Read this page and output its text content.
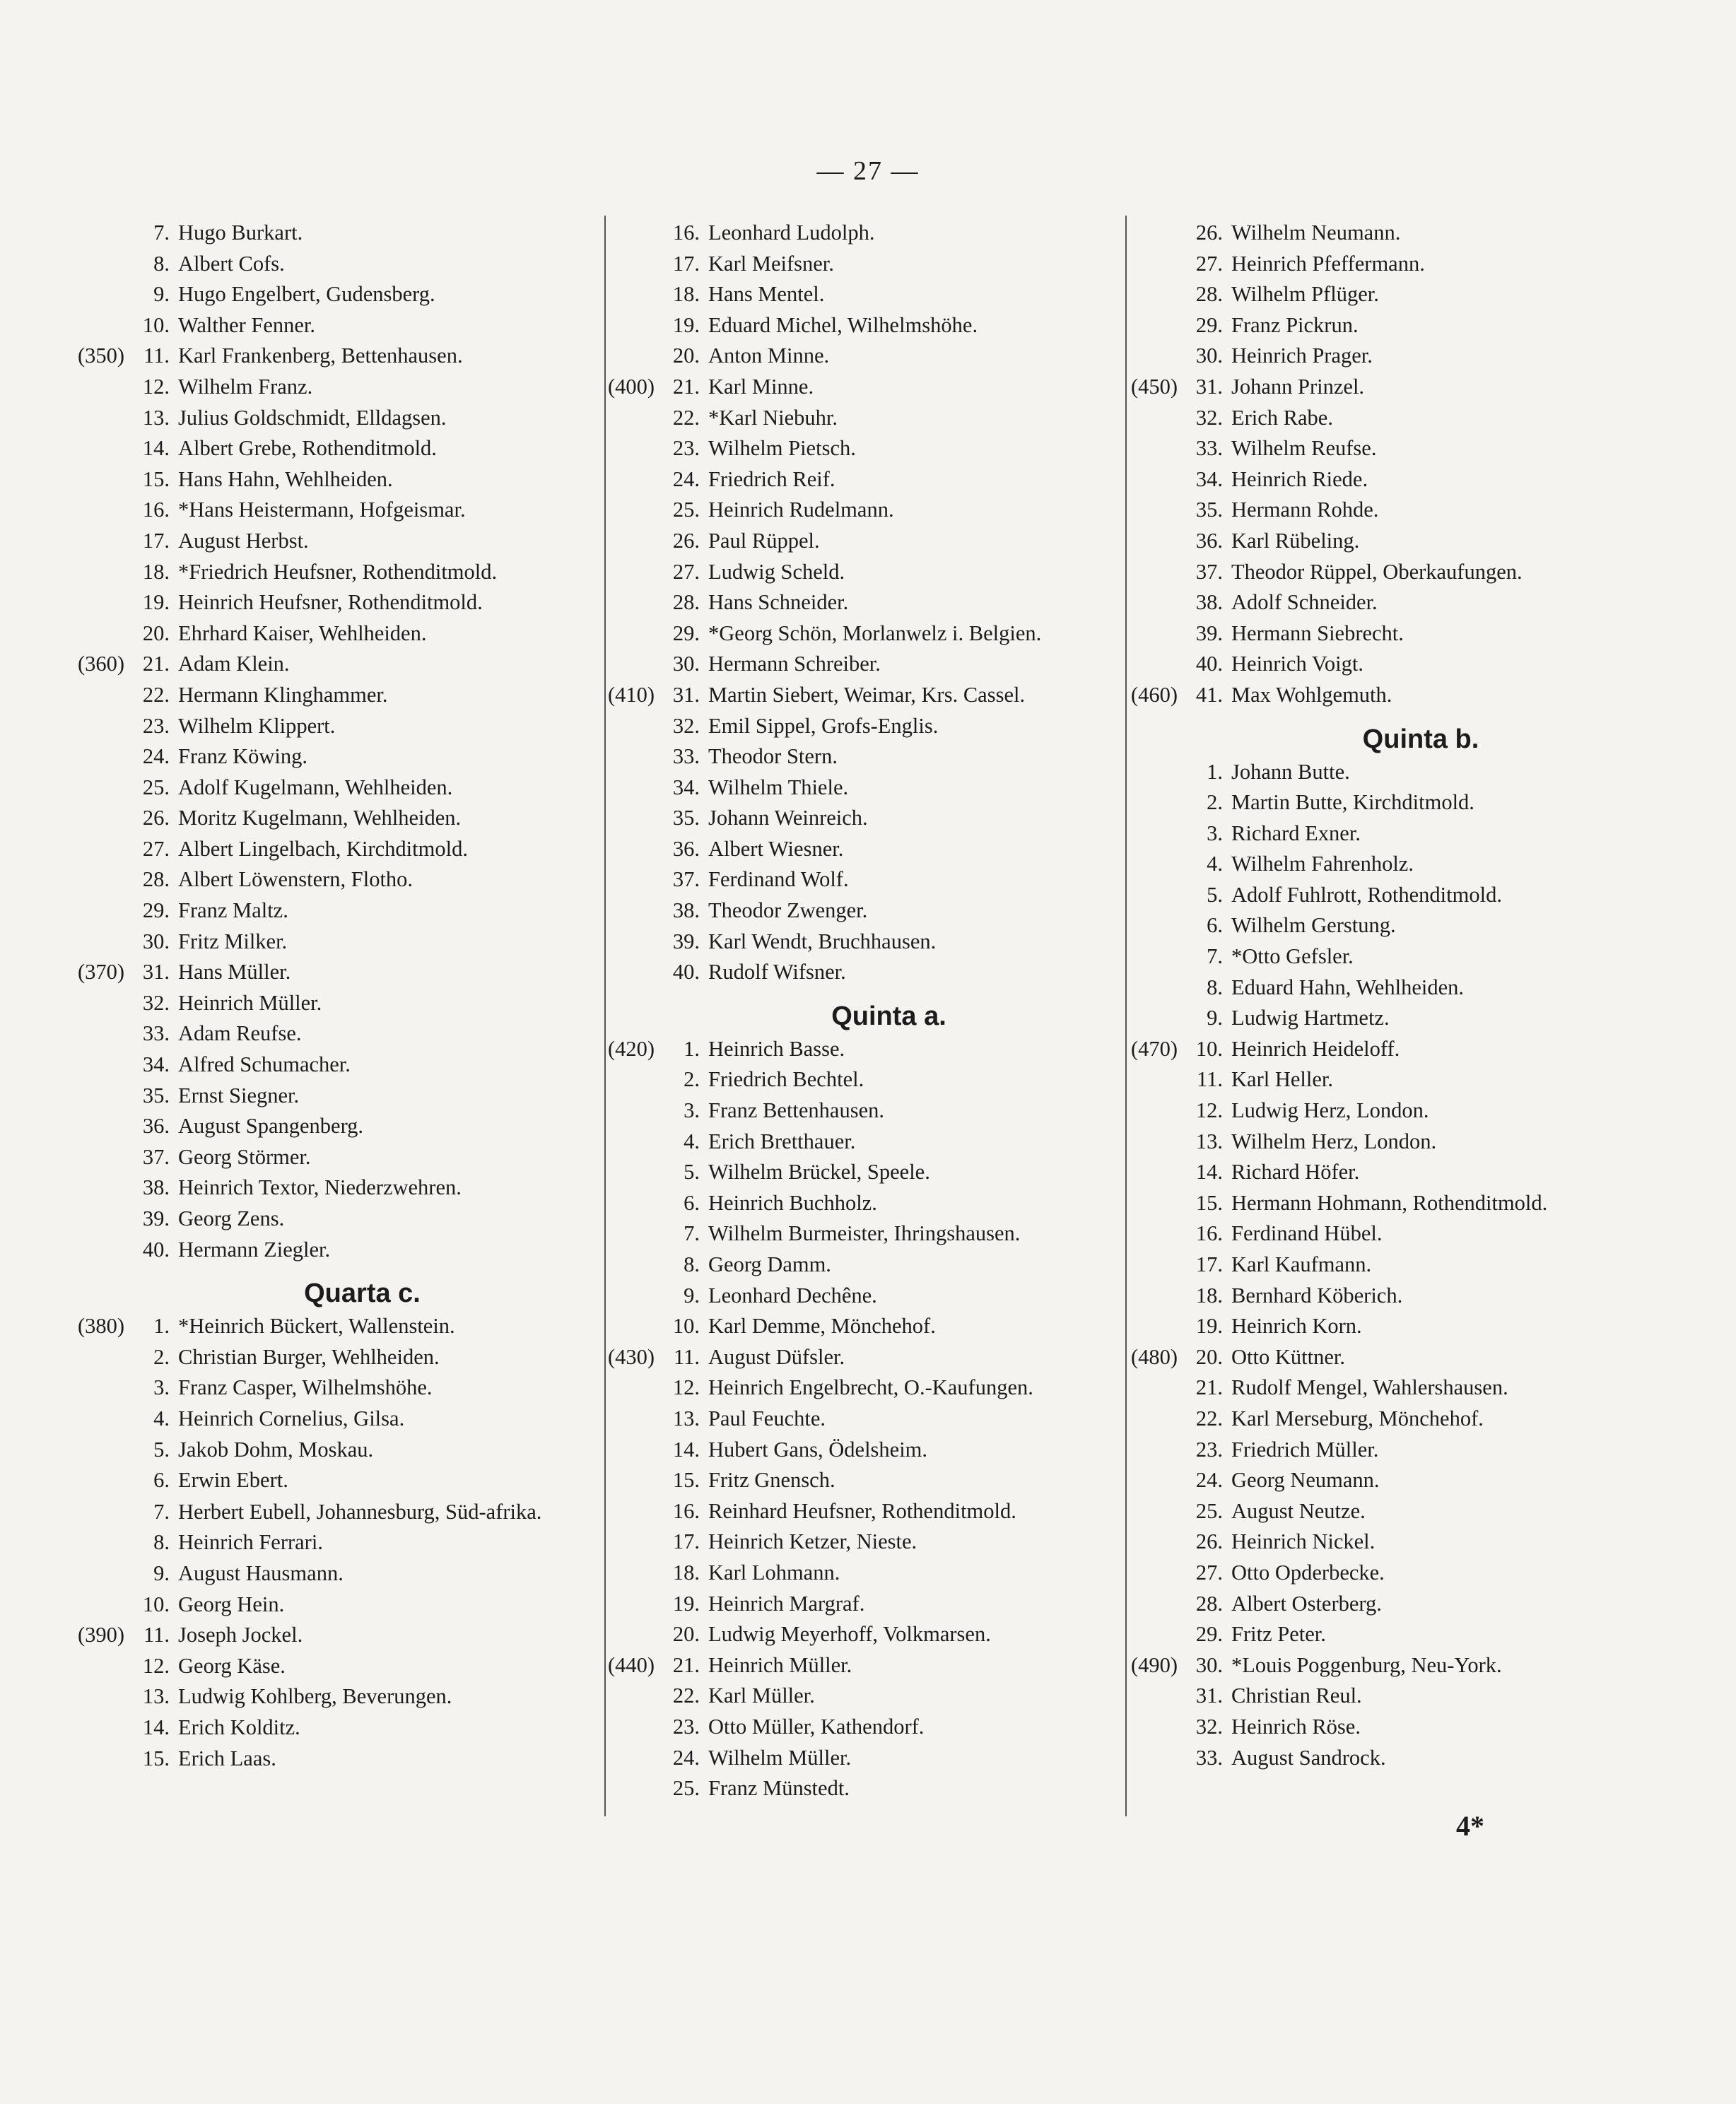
— 27 —
7. Hugo Burkart.
8. Albert Cofs.
9. Hugo Engelbert, Gudensberg.
10. Walther Fenner.
(350) 11. Karl Frankenberg, Bettenhausen.
12. Wilhelm Franz.
13. Julius Goldschmidt, Elldagsen.
14. Albert Grebe, Rothenditmold.
15. Hans Hahn, Wehlheiden.
16. *Hans Heistermann, Hofgeismar.
17. August Herbst.
18. *Friedrich Heufsner, Rothenditmold.
19. Heinrich Heufsner, Rothenditmold.
20. Ehrhard Kaiser, Wehlheiden.
(360) 21. Adam Klein.
22. Hermann Klinghammer.
23. Wilhelm Klippert.
24. Franz Köwing.
25. Adolf Kugelmann, Wehlheiden.
26. Moritz Kugelmann, Wehlheiden.
27. Albert Lingelbach, Kirchditmold.
28. Albert Löwenstern, Flotho.
29. Franz Maltz.
30. Fritz Milker.
(370) 31. Hans Müller.
32. Heinrich Müller.
33. Adam Reufse.
34. Alfred Schumacher.
35. Ernst Siegner.
36. August Spangenberg.
37. Georg Störmer.
38. Heinrich Textor, Niederzwehren.
39. Georg Zens.
40. Hermann Ziegler.
Quarta c.
(380)	1. *Heinrich Bückert, Wallenstein.
2. Christian Burger, Wehlheiden.
3. Franz Casper, Wilhelmshöhe.
4. Heinrich Cornelius, Gilsa.
5. Jakob Dohm, Moskau.
6. Erwin Ebert.
7. Herbert Eubell, Johannesburg, Süd-afrika.
8. Heinrich Ferrari.
9. August Hausmann.
10. Georg Hein.
(390) 11. Joseph Jockel.
12. Georg Käse.
13. Ludwig Kohlberg, Beverungen.
14. Erich Kolditz.
15. Erich Laas.
16. Leonhard Ludolph.
17. Karl Meifsner.
18. Hans Mentel.
19. Eduard Michel, Wilhelmshöhe.
20. Anton Minne.
(400) 21. Karl Minne.
22. *Karl Niebuhr.
23. Wilhelm Pietsch.
24. Friedrich Reif.
25. Heinrich Rudelmann.
26. Paul Rüppel.
27. Ludwig Scheld.
28. Hans Schneider.
29. *Georg Schön, Morlanwelz i. Belgien.
30. Hermann Schreiber.
(410) 31. Martin Siebert, Weimar, Krs. Cassel.
32. Emil Sippel, Grofs-Englis.
33. Theodor Stern.
34. Wilhelm Thiele.
35. Johann Weinreich.
36. Albert Wiesner.
37. Ferdinand Wolf.
38. Theodor Zwenger.
39. Karl Wendt, Bruchhausen.
40. Rudolf Wifsner.
Quinta a.
(420)	1. Heinrich Basse.
2. Friedrich Bechtel.
3. Franz Bettenhausen.
4. Erich Bretthauer.
5. Wilhelm Brückel, Speele.
6. Heinrich Buchholz.
7. Wilhelm Burmeister, Ihringshausen.
8. Georg Damm.
9. Leonhard Dechêne.
10. Karl Demme, Mönchehof.
(430) 11. August Düfsler.
12. Heinrich Engelbrecht, O.-Kaufungen.
13. Paul Feuchte.
14. Hubert Gans, Ödelsheim.
15. Fritz Gnensch.
16. Reinhard Heufsner, Rothenditmold.
17. Heinrich Ketzer, Nieste.
18. Karl Lohmann.
19. Heinrich Margraf.
20. Ludwig Meyerhoff, Volkmarsen.
(440) 21. Heinrich Müller.
22. Karl Müller.
23. Otto Müller, Kathendorf.
24. Wilhelm Müller.
25. Franz Münstedt.
26. Wilhelm Neumann.
27. Heinrich Pfeffermann.
28. Wilhelm Pflüger.
29. Franz Pickrun.
30. Heinrich Prager.
(450) 31. Johann Prinzel.
32. Erich Rabe.
33. Wilhelm Reufse.
34. Heinrich Riede.
35. Hermann Rohde.
36. Karl Rübeling.
37. Theodor Rüppel, Oberkaufungen.
38. Adolf Schneider.
39. Hermann Siebrecht.
40. Heinrich Voigt.
(460) 41. Max Wohlgemuth.
Quinta b.
1. Johann Butte.
2. Martin Butte, Kirchditmold.
3. Richard Exner.
4. Wilhelm Fahrenholz.
5. Adolf Fuhlrott, Rothenditmold.
6. Wilhelm Gerstung.
7. *Otto Gefsler.
8. Eduard Hahn, Wehlheiden.
9. Ludwig Hartmetz.
(470) 10. Heinrich Heideloff.
11. Karl Heller.
12. Ludwig Herz, London.
13. Wilhelm Herz, London.
14. Richard Höfer.
15. Hermann Hohmann, Rothenditmold.
16. Ferdinand Hübel.
17. Karl Kaufmann.
18. Bernhard Köberich.
19. Heinrich Korn.
(480) 20. Otto Küttner.
21. Rudolf Mengel, Wahlershausen.
22. Karl Merseburg, Mönchehof.
23. Friedrich Müller.
24. Georg Neumann.
25. August Neutze.
26. Heinrich Nickel.
27. Otto Opderbecke.
28. Albert Osterberg.
29. Fritz Peter.
(490) 30. *Louis Poggenburg, Neu-York.
31. Christian Reul.
32. Heinrich Röse.
33. August Sandrock.
4*
